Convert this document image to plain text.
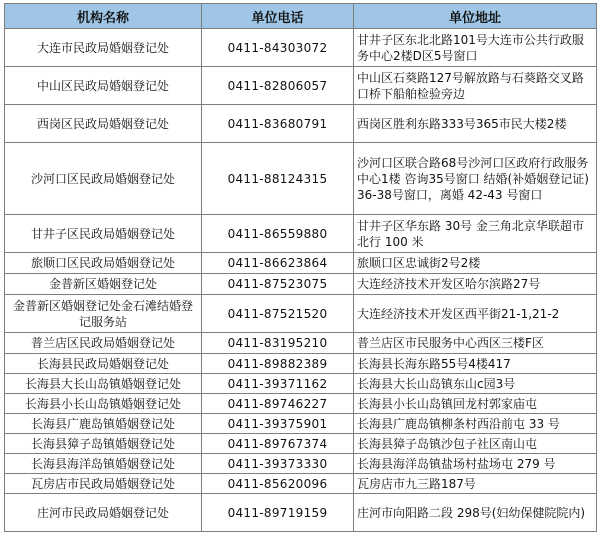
机构名称	单位电话	单位地址
大连市民政局婚姻登记处	0411-84303072	甘井子区东北北路101号大连市公共行政服务中心2楼D区5号窗口
中山区民政局婚姻登记处	0411-82806057	中山区石葵路127号解放路与石葵路交叉路口桥下船舶检验旁边
西岗区民政局婚姻登记处	0411-83680791	西岗区胜利东路333号365市民大楼2楼
沙河口区民政局婚姻登记处	0411-88124315	沙河口区联合路68号沙河口区政府行政服务中心1楼 咨询35号窗口 结婚(补婚姻登记证)36-38号窗口，离婚 42-43 号窗口
甘井子区民政局婚姻登记处	0411-86559880	甘井子区华东路 30号 金三角北京华联超市北行 100 米
旅顺口区民政局婚姻登记处	0411-86623864	旅顺口区忠诚街2号2楼
金普新区婚姻登记处	0411-87523075	大连经济技术开发区哈尔滨路27号
金普新区婚姻登记处金石滩结婚登记服务站	0411-87521520	大连经济技术开发区西平街21-1,21-2
普兰店区民政局婚姻登记处	0411-83195210	普兰店区市民服务中心西区三楼F区
长海县民政局婚姻登记处	0411-89882389	长海县长海东路55号4楼417
长海县大长山岛镇婚姻登记处	0411-39371162	长海县大长山岛镇东山c园3号
长海县小长山岛镇婚姻登记处	0411-89746227	长海县小长山岛镇回龙村郭家庙屯
长海县广鹿岛镇婚姻登记处	0411-39375901	长海县广鹿岛镇柳条村西沿前屯 33 号
长海县獐子岛镇婚姻登记处	0411-89767374	长海县獐子岛镇沙包子社区南山屯
长海县海洋岛镇婚姻登记处	0411-39373330	长海县海洋岛镇盐场村盐场屯 279 号
瓦房店市民政局婚姻登记处	0411-85620096	瓦房店市九三路187号
庄河市民政局婚姻登记处	0411-89719159	庄河市向阳路二段 298号(妇幼保健院院内)
